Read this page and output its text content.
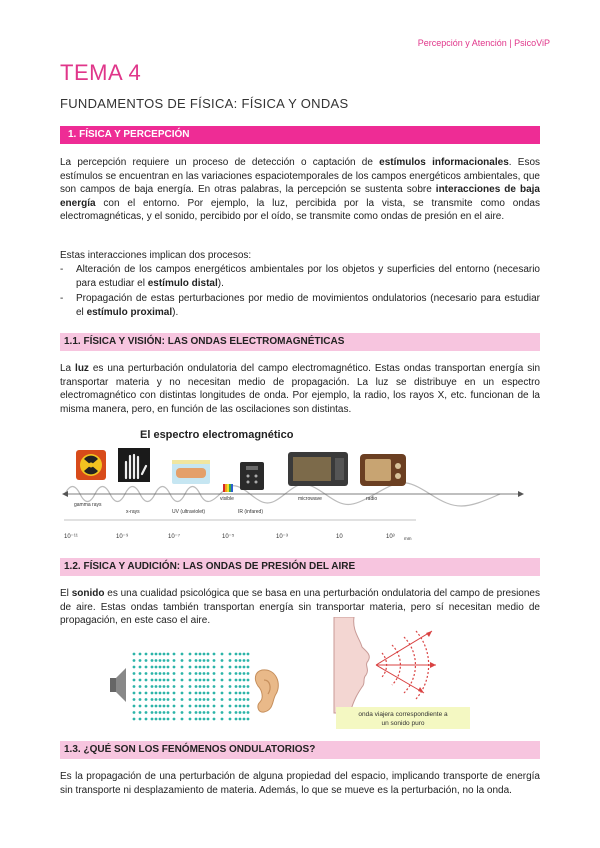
Percepción y Atención | PsicoViP
TEMA 4
FUNDAMENTOS DE FÍSICA: FÍSICA Y ONDAS
1. FÍSICA Y PERCEPCIÓN
La percepción requiere un proceso de detección o captación de estímulos informacionales. Esos estímulos se encuentran en las variaciones espaciotemporales de los campos energéticos ambientales, que son campos de baja energía. En otras palabras, la percepción se sustenta sobre interacciones de baja energía con el entorno. Por ejemplo, la luz, percibida por la vista, se transmite como ondas electromagnéticas, y el sonido, percibido por el oído, se transmite como ondas de presión en el aire.
Estas interacciones implican dos procesos:
- Alteración de los campos energéticos ambientales por los objetos y superficies del entorno (necesario para estudiar el estímulo distal).
- Propagación de estas perturbaciones por medio de movimientos ondulatorios (necesario para estudiar el estímulo proximal).
1.1. FÍSICA Y VISIÓN: LAS ONDAS ELECTROMAGNÉTICAS
La luz es una perturbación ondulatoria del campo electromagnético. Estas ondas transportan energía sin transportar materia y no necesitan medio de propagación. La luz se distribuye en un espectro electromagnético con distintas longitudes de onda. Por ejemplo, la radio, los rayos X, etc. funcionan de la misma manera, pero, en función de las oscilaciones son distintas.
El espectro electromagnético
gamma rays
x-rays	UV (ultraviolet)
visible
IR (infared)
microwave	radio
10⁻¹¹	10⁻⁹	10⁻⁷	10⁻⁵	10⁻³	10	10³ mm
1.2. FÍSICA Y AUDICIÓN: LAS ONDAS DE PRESIÓN DEL AIRE
El sonido es una cualidad psicológica que se basa en una perturbación ondulatoria del campo de presiones de aire. Estas ondas también transportan energía sin transportar materia, pero sí necesitan medio de propagación, en este caso el aire.
onda viajera correspondiente a
un sonido puro
1.3. ¿QUÉ SON LOS FENÓMENOS ONDULATORIOS?
Es la propagación de una perturbación de alguna propiedad del espacio, implicando transporte de energía sin transporte ni desplazamiento de materia. Además, lo que se mueve es la perturbación, no la onda.
